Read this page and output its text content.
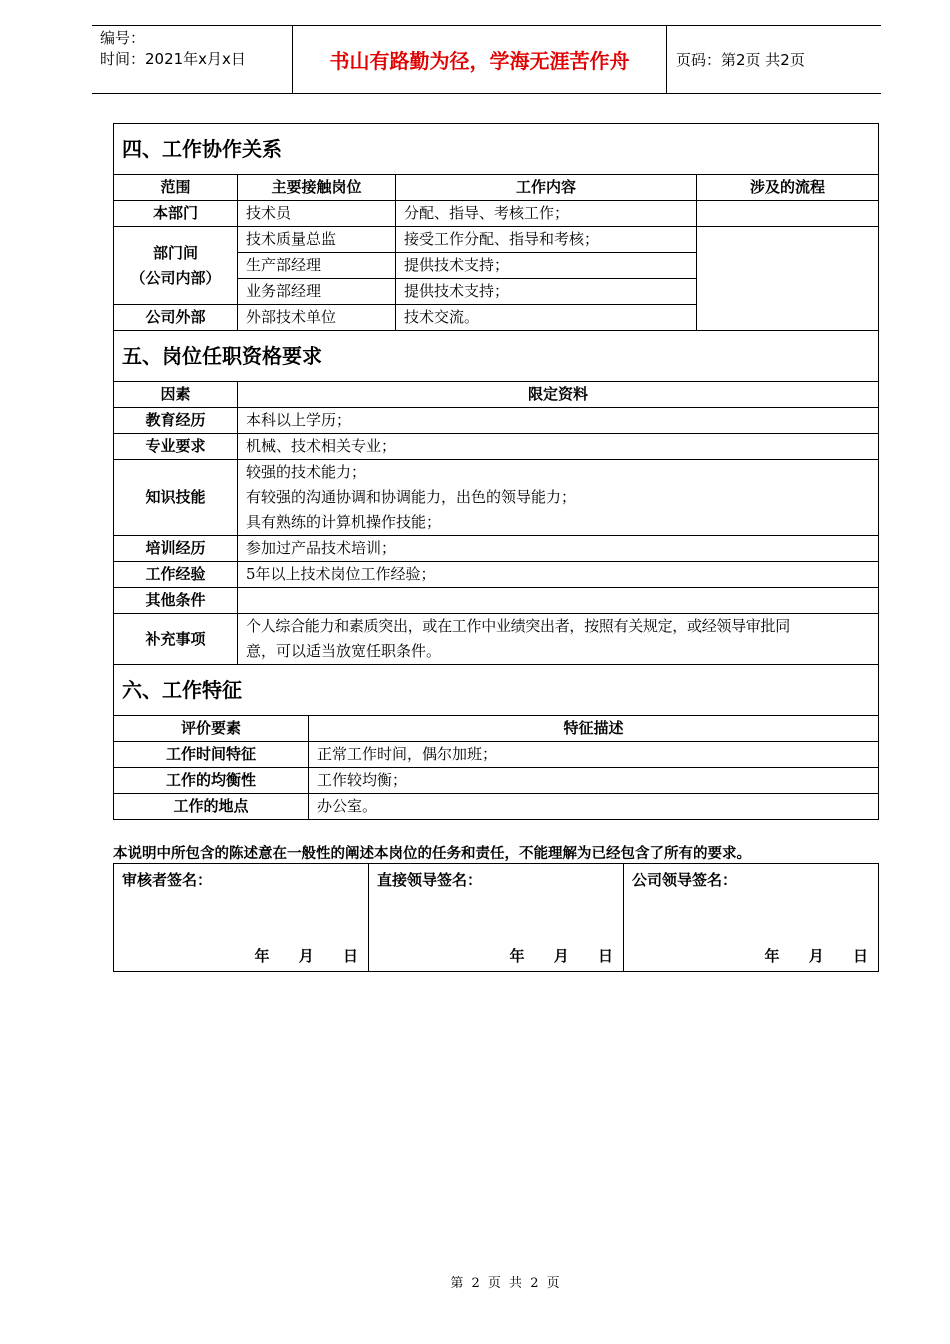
编号：
时间：2021年x月x日	书山有路勤为径，学海无涯苦作舟	页码：第2页 共2页
四、工作协作关系				
范围	主要接触岗位		工作内容	涉及的流程
本部门	技术员		分配、指导、考核工作；	
部门间
（公司内部）	技术质量总监		接受工作分配、指导和考核；	
	生产部经理		提供技术支持；	
	业务部经理		提供技术支持；	
公司外部	外部技术单位		技术交流。	
五、岗位任职资格要求				
因素	限定资料			
教育经历	本科以上学历；			
专业要求	机械、技术相关专业；			
知识技能	较强的技术能力；
有较强的沟通协调和协调能力，出色的领导能力；
具有熟练的计算机操作技能；			

培训经历	参加过产品技术培训；			
工作经验	5年以上技术岗位工作经验；			
其他条件				
补充事项	个人综合能力和素质突出，或在工作中业绩突出者，按照有关规定，或经领导审批同
意，可以适当放宽任职条件。			

六、工作特征				
评价要素		特征描述		
工作时间特征		正常工作时间，偶尔加班；		
工作的均衡性		工作较均衡；		
工作的地点		办公室。		
本说明中所包含的陈述意在一般性的阐述本岗位的任务和责任，不能理解为已经包含了所有的要求。
审核者签名：
年 月 日
	直接领导签名：
年 月 日
	公司领导签名：
年 月 日
第 2 页 共 2 页
